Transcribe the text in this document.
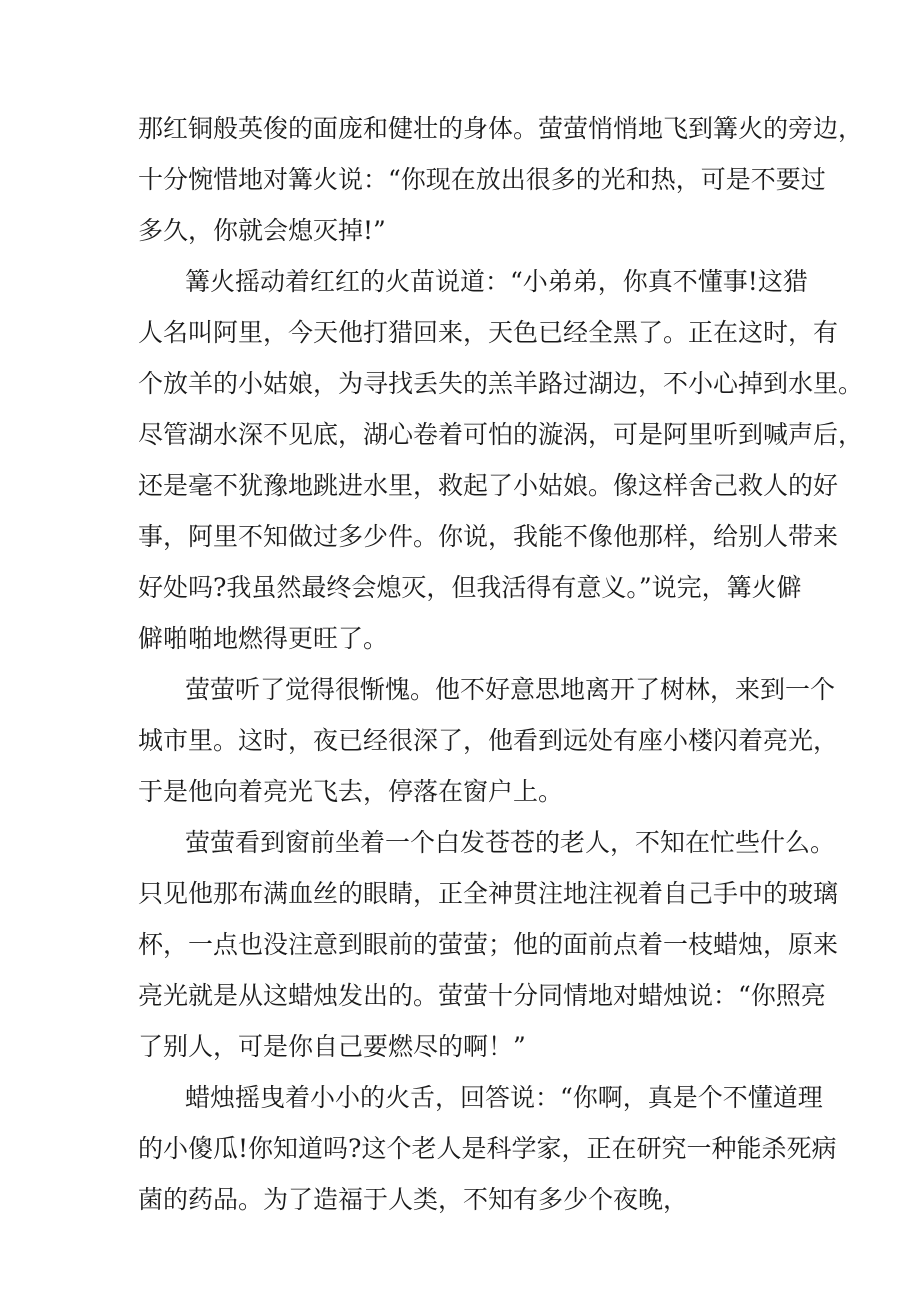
那红铜般英俊的面庞和健壮的身体。萤萤悄悄地飞到篝火的旁边，
十分惋惜地对篝火说：“你现在放出很多的光和热，可是不要过
多久，你就会熄灭掉!”
篝火摇动着红红的火苗说道：“小弟弟，你真不懂事!这猎
人名叫阿里，今天他打猎回来，天色已经全黑了。正在这时，有
个放羊的小姑娘，为寻找丢失的羔羊路过湖边，不小心掉到水里。
尽管湖水深不见底，湖心卷着可怕的漩涡，可是阿里听到喊声后，
还是毫不犹豫地跳进水里，救起了小姑娘。像这样舍己救人的好
事，阿里不知做过多少件。你说，我能不像他那样，给别人带来
好处吗?我虽然最终会熄灭，但我活得有意义。”说完，篝火僻
僻啪啪地燃得更旺了。
萤萤听了觉得很惭愧。他不好意思地离开了树林，来到一个
城市里。这时，夜已经很深了，他看到远处有座小楼闪着亮光，
于是他向着亮光飞去，停落在窗户上。
萤萤看到窗前坐着一个白发苍苍的老人，不知在忙些什么。
只见他那布满血丝的眼睛，正全神贯注地注视着自己手中的玻璃
杯，一点也没注意到眼前的萤萤；他的面前点着一枝蜡烛，原来
亮光就是从这蜡烛发出的。萤萤十分同情地对蜡烛说：“你照亮
了别人，可是你自己要燃尽的啊！”
蜡烛摇曳着小小的火舌，回答说：“你啊，真是个不懂道理
的小傻瓜!你知道吗?这个老人是科学家，正在研究一种能杀死病
菌的药品。为了造福于人类，不知有多少个夜晚，
